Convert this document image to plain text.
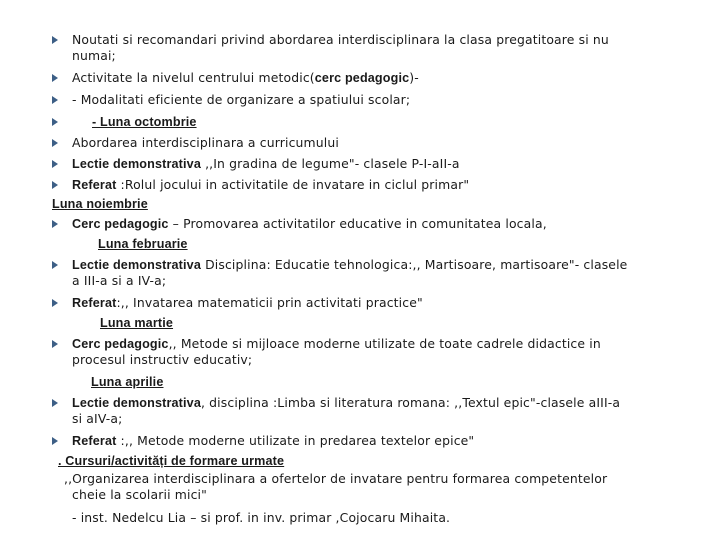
Noutati si recomandari privind abordarea interdisciplinara la clasa pregatitoare si nu
numai;
Activitate la nivelul centrului metodic(cerc pedagogic)-
- Modalitati eficiente de organizare a spatiului scolar;
- Luna octombrie
Abordarea interdisciplinara a curricumului
Lectie demonstrativa ,,In gradina de legume"- clasele P-I-aII-a
Referat :Rolul jocului in activitatile de invatare in ciclul primar"
Luna noiembrie
Cerc pedagogic – Promovarea activitatilor educative in comunitatea locala,
Luna februarie
Lectie demonstrativa Disciplina: Educatie tehnologica:,, Martisoare, martisoare"- clasele
a III-a si a IV-a;
Referat:,, Invatarea matematicii prin activitati practice"
Luna martie
Cerc pedagogic,, Metode si mijloace moderne utilizate de toate cadrele didactice in
procesul instructiv educativ;
Luna aprilie
Lectie demonstrativa, disciplina :Limba si literatura romana: ,,Textul epic"-clasele aIII-a
si aIV-a;
Referat :,, Metode moderne utilizate in predarea textelor epice"
. Cursuri/activități de formare urmate
,,Organizarea interdisciplinara a ofertelor de invatare pentru formarea competentelor
cheie la scolarii mici"
- inst. Nedelcu Lia – si prof. in inv. primar ,Cojocaru Mihaita.
